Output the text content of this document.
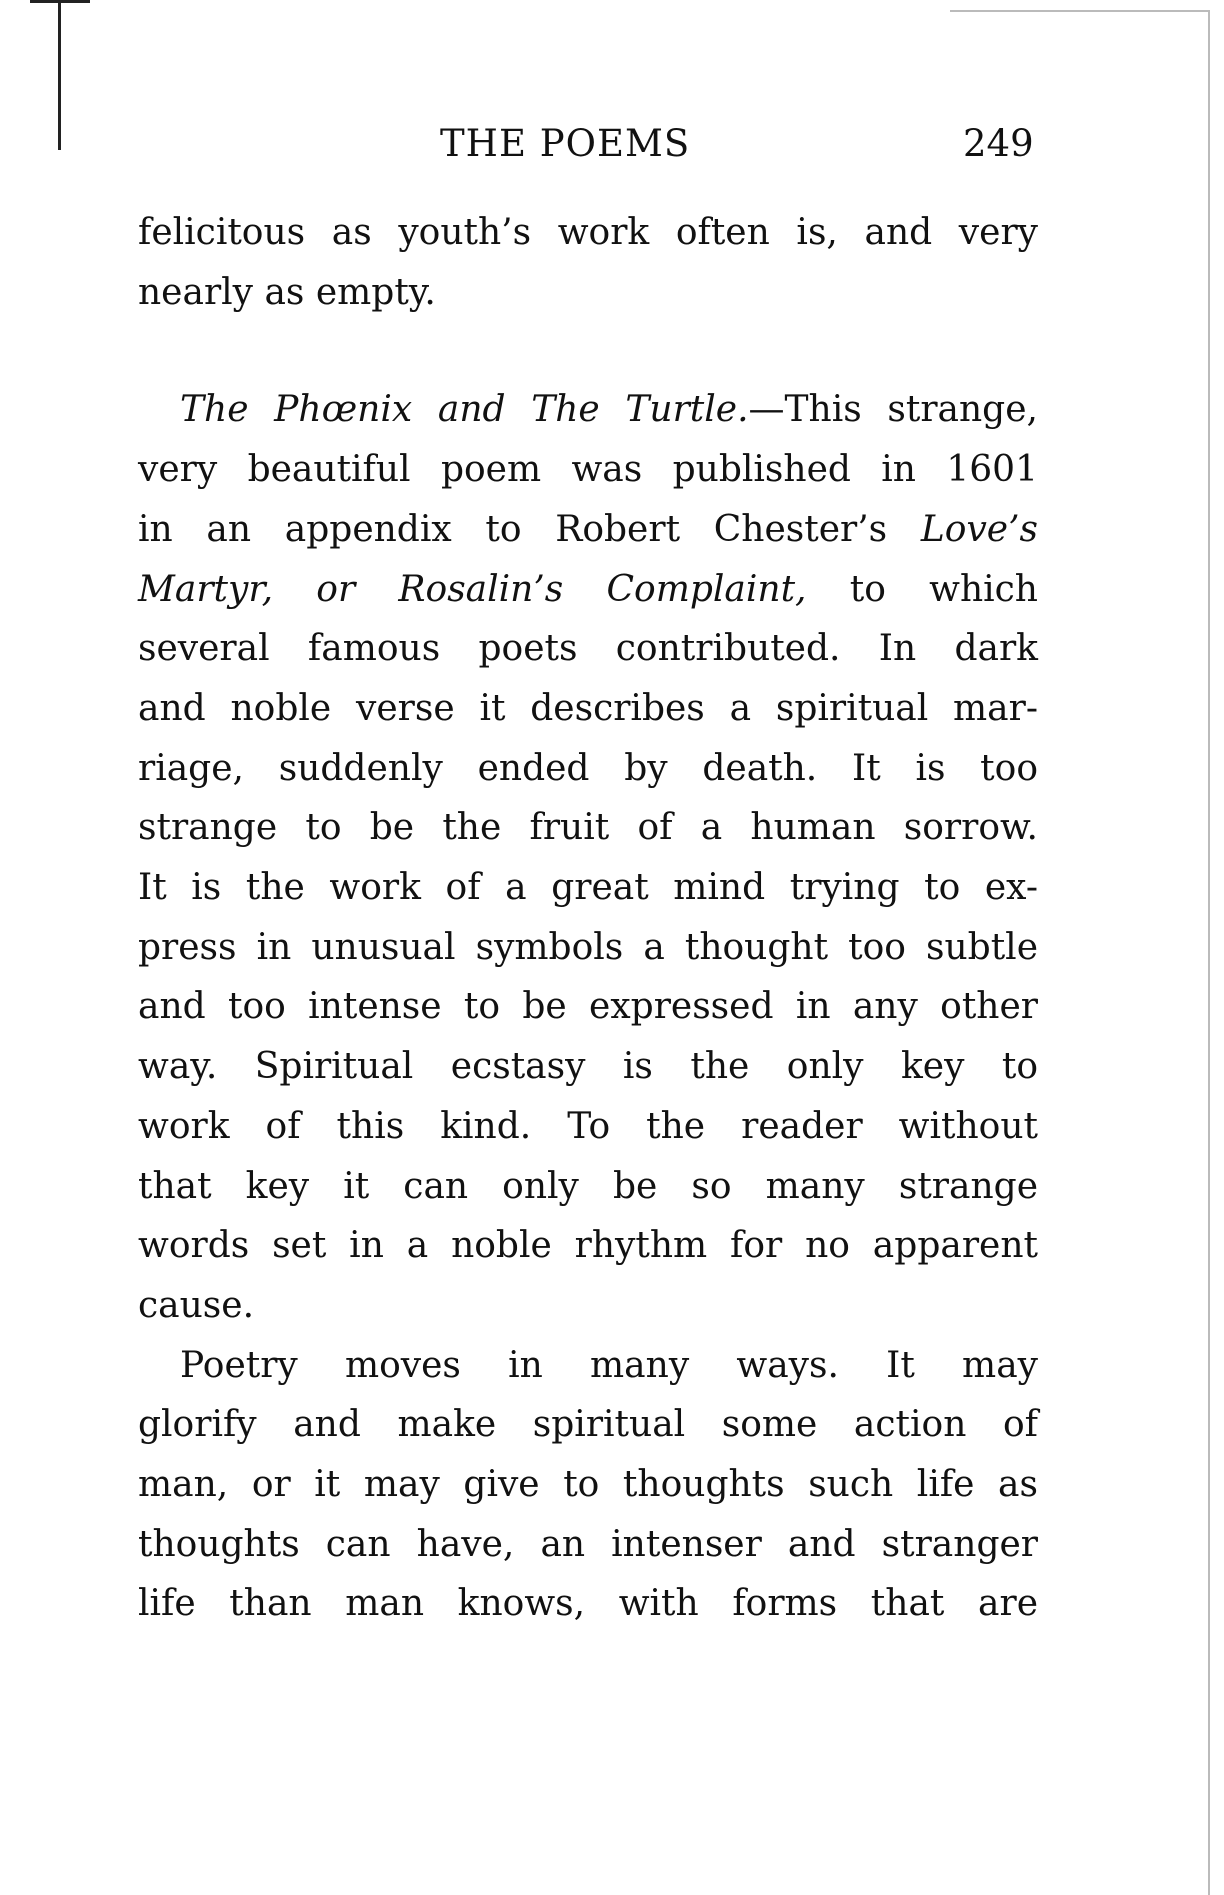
THE POEMS	249
felicitous as youth’s work often is, and very
nearly as empty.
The Phœnix and The Turtle.—This strange,
very beautiful poem was published in 1601
in an appendix to Robert Chester’s Love’s
Martyr, or Rosalin’s Complaint, to which
several famous poets contributed. In dark
and noble verse it describes a spiritual mar-
riage, suddenly ended by death. It is too
strange to be the fruit of a human sorrow.
It is the work of a great mind trying to ex-
press in unusual symbols a thought too subtle
and too intense to be expressed in any other
way. Spiritual ecstasy is the only key to
work of this kind. To the reader without
that key it can only be so many strange
words set in a noble rhythm for no apparent
cause.
Poetry moves in many ways. It may
glorify and make spiritual some action of
man, or it may give to thoughts such life as
thoughts can have, an intenser and stranger
life than man knows, with forms that are
